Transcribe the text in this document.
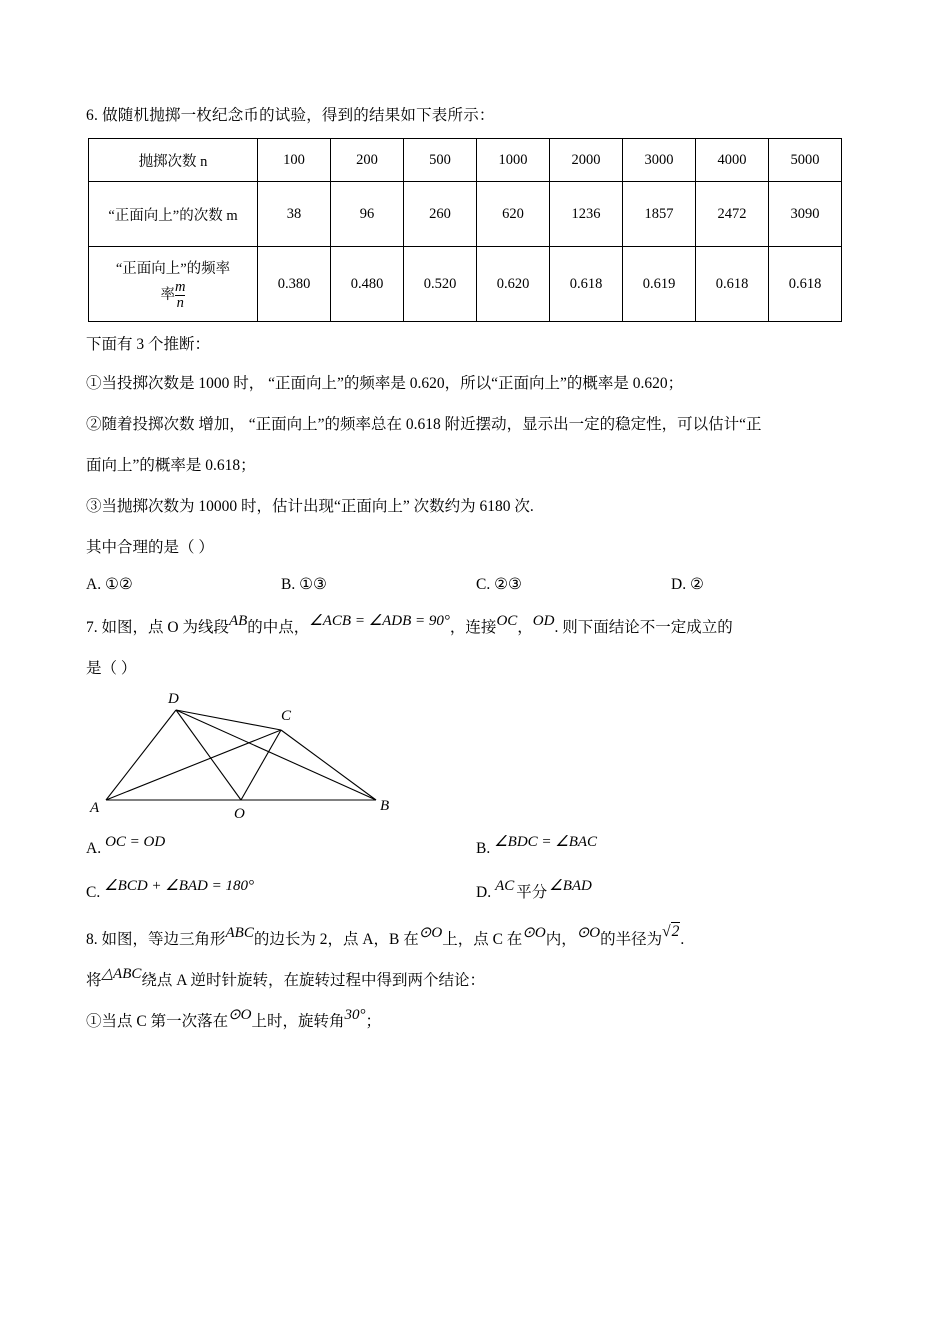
6. 做随机抛掷一枚纪念币的试验，得到的结果如下表所示：
抛掷次数 n	100	200	500	1000	2000	3000	4000	5000
“正面向上”的次数 m	38	96	260	620	1236	1857	2472	3090

“正面向上”的频率
率 $\frac{m}{n}$	0.380	0.480	0.520	0.620	0.618	0.619	0.618	0.618
下面有 3 个推断：
①当投掷次数是 1000 时， “正面向上”的频率是 0.620，所以“正面向上”的概率是 0.620；
②随着投掷次数 增加， “正面向上”的频率总在 0.618 附近摆动，显示出一定的稳定性，可以估计“正
面向上”的概率是 0.618；
③当抛掷次数为 10000 时，估计出现“正面向上” 次数约为 6180 次.
其中合理的是（ ）
A. ①②	B. ①③	C. ②③	D. ②
7. 如图，点 O 为线段AB的中点，∠ACB = ∠ADB = 90°，连接OC，OD. 则下面结论不一定成立的
是（ ）
D
C
A	O	B
A. OC = OD	B. ∠BDC = ∠BAC
C. ∠BCD + ∠BAD = 180°	D. AC 平分 ∠BAD
8. 如图，等边三角形ABC的边长为 2，点 A，B 在⊙O上，点 C 在⊙O内，⊙O的半径为√2.
将△ABC绕点 A 逆时针旋转，在旋转过程中得到两个结论：
①当点 C 第一次落在⊙O上时，旋转角30°；
